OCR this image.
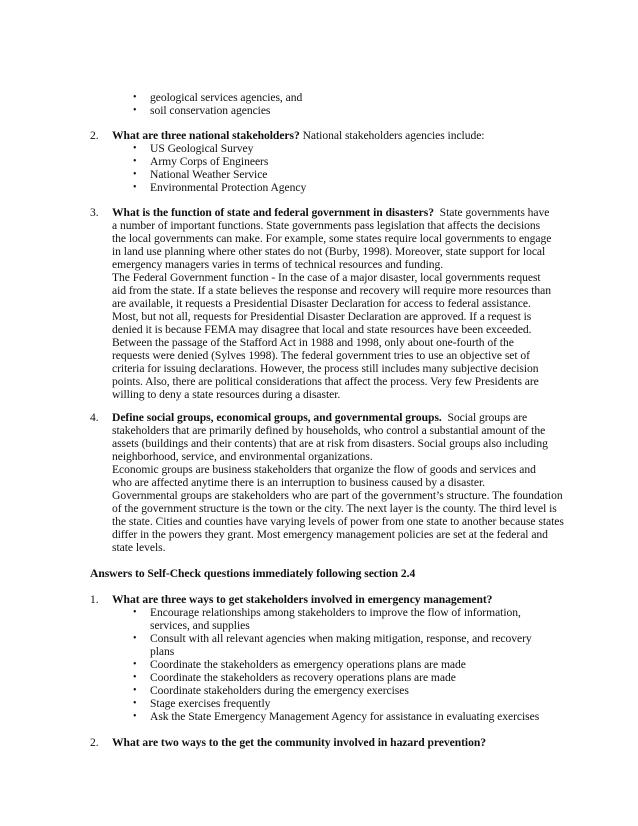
• geological services agencies, and
• soil conservation agencies
2. What are three national stakeholders? National stakeholders agencies include:
• US Geological Survey
• Army Corps of Engineers
• National Weather Service
• Environmental Protection Agency
3. What is the function of state and federal government in disasters? State governments have
a number of important functions. State governments pass legislation that affects the decisions
the local governments can make. For example, some states require local governments to engage
in land use planning where other states do not (Burby, 1998). Moreover, state support for local
emergency managers varies in terms of technical resources and funding.
The Federal Government function - In the case of a major disaster, local governments request
aid from the state. If a state believes the response and recovery will require more resources than
are available, it requests a Presidential Disaster Declaration for access to federal assistance.
Most, but not all, requests for Presidential Disaster Declaration are approved. If a request is
denied it is because FEMA may disagree that local and state resources have been exceeded.
Between the passage of the Stafford Act in 1988 and 1998, only about one-fourth of the
requests were denied (Sylves 1998). The federal government tries to use an objective set of
criteria for issuing declarations. However, the process still includes many subjective decision
points. Also, there are political considerations that affect the process. Very few Presidents are
willing to deny a state resources during a disaster.
4. Define social groups, economical groups, and governmental groups. Social groups are
stakeholders that are primarily defined by households, who control a substantial amount of the
assets (buildings and their contents) that are at risk from disasters. Social groups also including
neighborhood, service, and environmental organizations.
Economic groups are business stakeholders that organize the flow of goods and services and
who are affected anytime there is an interruption to business caused by a disaster.
Governmental groups are stakeholders who are part of the government’s structure. The foundation
of the government structure is the town or the city. The next layer is the county. The third level is
the state. Cities and counties have varying levels of power from one state to another because states
differ in the powers they grant. Most emergency management policies are set at the federal and
state levels.
Answers to Self-Check questions immediately following section 2.4
1. What are three ways to get stakeholders involved in emergency management?
• Encourage relationships among stakeholders to improve the flow of information,
services, and supplies
• Consult with all relevant agencies when making mitigation, response, and recovery
plans
• Coordinate the stakeholders as emergency operations plans are made
• Coordinate the stakeholders as recovery operations plans are made
• Coordinate stakeholders during the emergency exercises
• Stage exercises frequently
• Ask the State Emergency Management Agency for assistance in evaluating exercises
2. What are two ways to the get the community involved in hazard prevention?
